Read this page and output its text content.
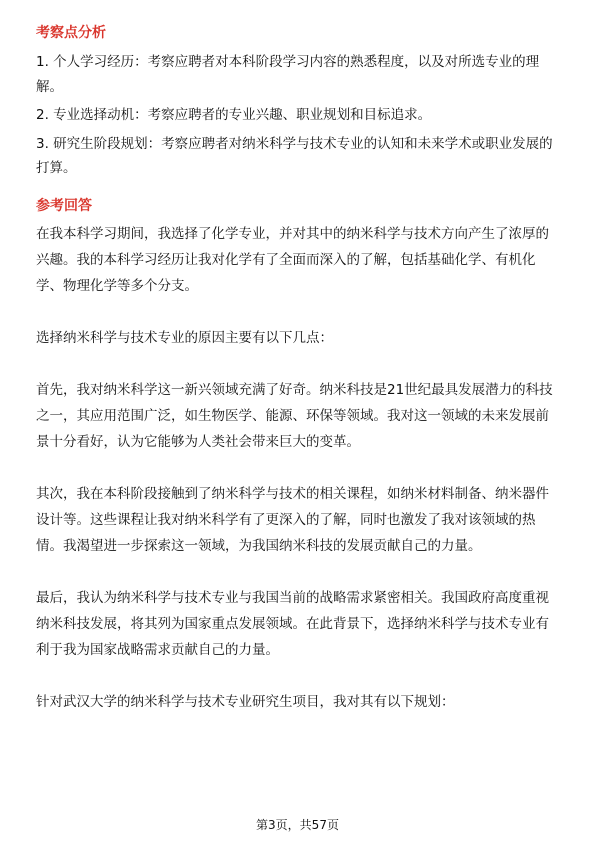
考察点分析
1. 个人学习经历：考察应聘者对本科阶段学习内容的熟悉程度，以及对所选专业的理解。
2. 专业选择动机：考察应聘者的专业兴趣、职业规划和目标追求。
3. 研究生阶段规划：考察应聘者对纳米科学与技术专业的认知和未来学术或职业发展的打算。
参考回答

在我本科学习期间，我选择了化学专业，并对其中的纳米科学与技术方向产生了浓厚的兴趣。我的本科学习经历让我对化学有了全面而深入的了解，包括基础化学、有机化学、物理化学等多个分支。

选择纳米科学与技术专业的原因主要有以下几点：

首先，我对纳米科学这一新兴领域充满了好奇。纳米科技是21世纪最具发展潜力的科技之一，其应用范围广泛，如生物医学、能源、环保等领域。我对这一领域的未来发展前景十分看好，认为它能够为人类社会带来巨大的变革。

其次，我在本科阶段接触到了纳米科学与技术的相关课程，如纳米材料制备、纳米器件设计等。这些课程让我对纳米科学有了更深入的了解，同时也激发了我对该领域的热情。我渴望进一步探索这一领域，为我国纳米科技的发展贡献自己的力量。

最后，我认为纳米科学与技术专业与我国当前的战略需求紧密相关。我国政府高度重视纳米科技发展，将其列为国家重点发展领域。在此背景下，选择纳米科学与技术专业有利于我为国家战略需求贡献自己的力量。

针对武汉大学的纳米科学与技术专业研究生项目，我对其有以下规划：

第3页，共57页
